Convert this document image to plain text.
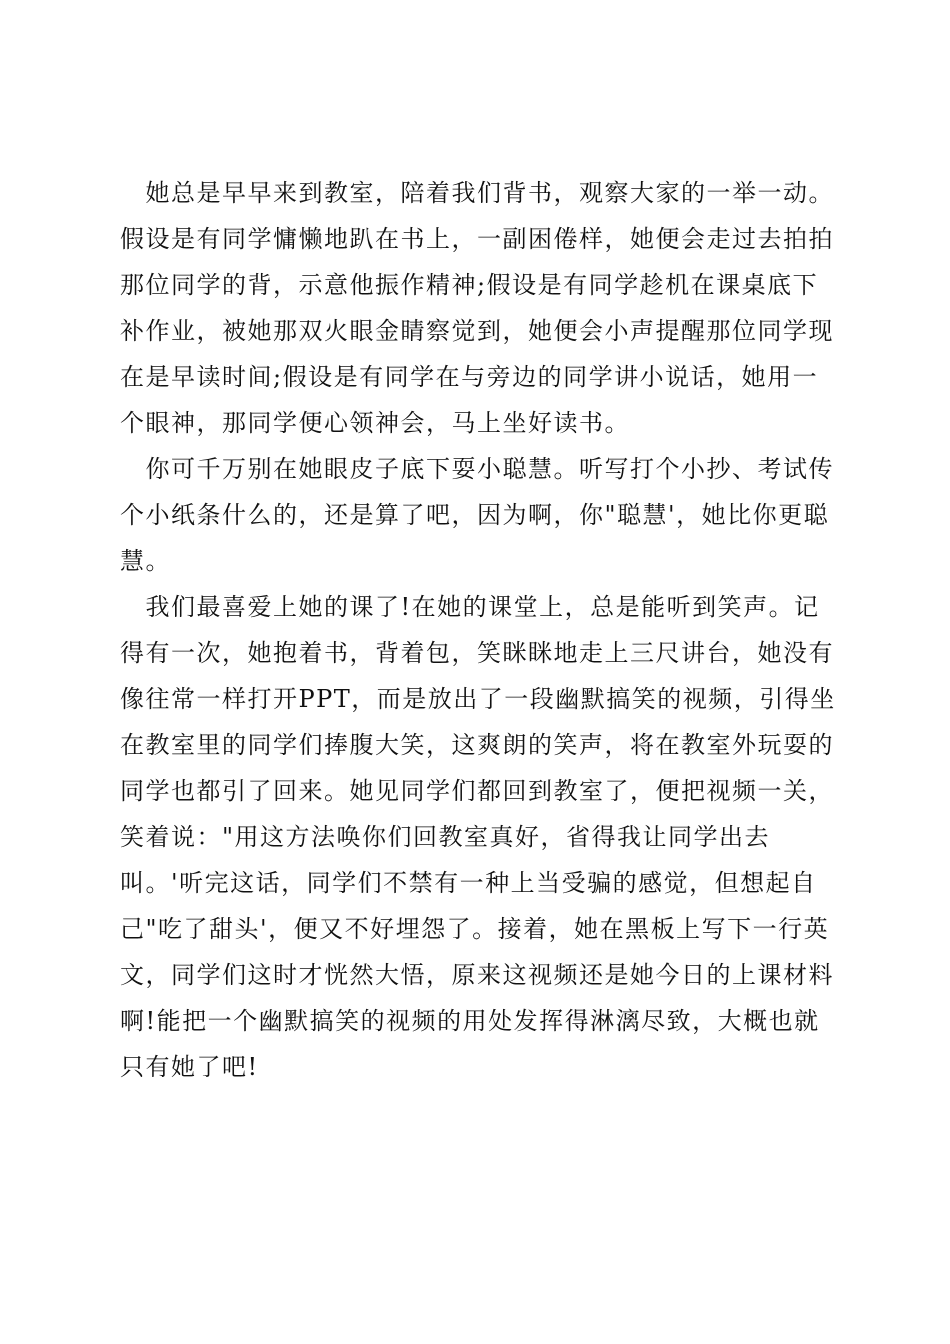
　她总是早早来到教室，陪着我们背书，观察大家的一举一动。
假设是有同学慵懒地趴在书上，一副困倦样，她便会走过去拍拍
那位同学的背，示意他振作精神;假设是有同学趁机在课桌底下
补作业，被她那双火眼金睛察觉到，她便会小声提醒那位同学现
在是早读时间;假设是有同学在与旁边的同学讲小说话，她用一
个眼神，那同学便心领神会，马上坐好读书。
　你可千万别在她眼皮子底下耍小聪慧。听写打个小抄、考试传
个小纸条什么的，还是算了吧，因为啊，你"聪慧'，她比你更聪
慧。
　我们最喜爱上她的课了!在她的课堂上，总是能听到笑声。记
得有一次，她抱着书，背着包，笑眯眯地走上三尺讲台，她没有
像往常一样打开PPT，而是放出了一段幽默搞笑的视频，引得坐
在教室里的同学们捧腹大笑，这爽朗的笑声，将在教室外玩耍的
同学也都引了回来。她见同学们都回到教室了，便把视频一关，
笑着说："用这方法唤你们回教室真好，省得我让同学出去
叫。'听完这话，同学们不禁有一种上当受骗的感觉，但想起自
己"吃了甜头'，便又不好埋怨了。接着，她在黑板上写下一行英
文，同学们这时才恍然大悟，原来这视频还是她今日的上课材料
啊!能把一个幽默搞笑的视频的用处发挥得淋漓尽致，大概也就
只有她了吧!
